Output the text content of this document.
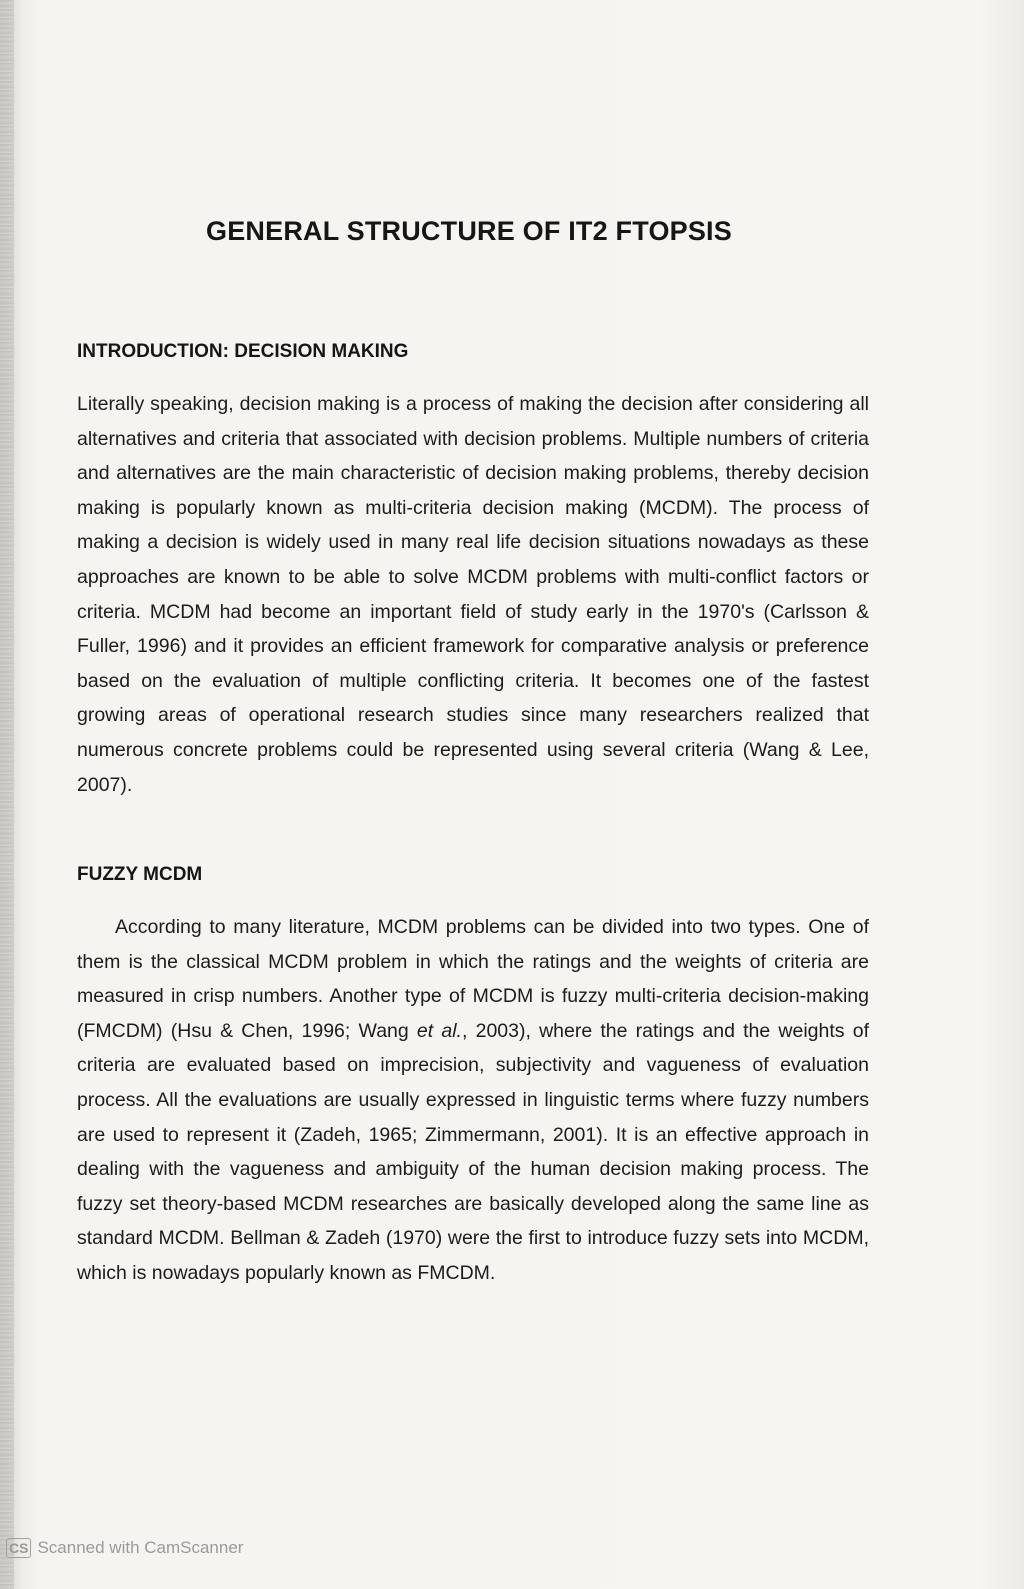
GENERAL STRUCTURE OF IT2 FTOPSIS
INTRODUCTION: DECISION MAKING

Literally speaking, decision making is a process of making the decision after considering all alternatives and criteria that associated with decision problems. Multiple numbers of criteria and alternatives are the main characteristic of decision making problems, thereby decision making is popularly known as multi-criteria decision making (MCDM). The process of making a decision is widely used in many real life decision situations nowadays as these approaches are known to be able to solve MCDM problems with multi-conflict factors or criteria. MCDM had become an important field of study early in the 1970's (Carlsson & Fuller, 1996) and it provides an efficient framework for comparative analysis or preference based on the evaluation of multiple conflicting criteria. It becomes one of the fastest growing areas of operational research studies since many researchers realized that numerous concrete problems could be represented using several criteria (Wang & Lee, 2007).

FUZZY MCDM

According to many literature, MCDM problems can be divided into two types. One of them is the classical MCDM problem in which the ratings and the weights of criteria are measured in crisp numbers. Another type of MCDM is fuzzy multi-criteria decision-making (FMCDM) (Hsu & Chen, 1996; Wang et al., 2003), where the ratings and the weights of criteria are evaluated based on imprecision, subjectivity and vagueness of evaluation process. All the evaluations are usually expressed in linguistic terms where fuzzy numbers are used to represent it (Zadeh, 1965; Zimmermann, 2001). It is an effective approach in dealing with the vagueness and ambiguity of the human decision making process. The fuzzy set theory-based MCDM researches are basically developed along the same line as standard MCDM. Bellman & Zadeh (1970) were the first to introduce fuzzy sets into MCDM, which is nowadays popularly known as FMCDM.

CS Scanned with CamScanner
